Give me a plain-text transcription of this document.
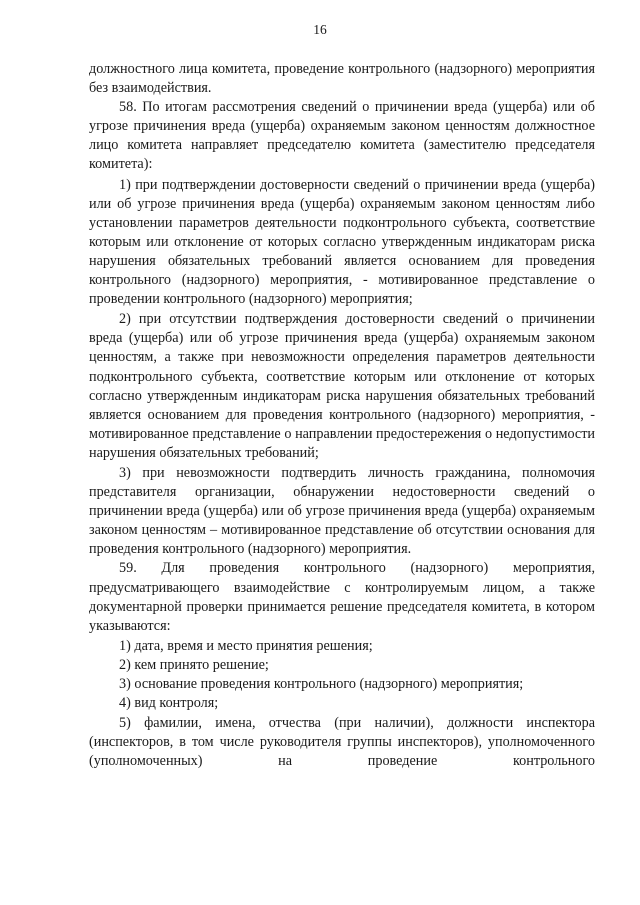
16

должностного лица комитета, проведение контрольного (надзорного) мероприятия без взаимодействия.

58. По итогам рассмотрения сведений о причинении вреда (ущерба) или об угрозе причинения вреда (ущерба) охраняемым законом ценностям должностное лицо комитета направляет председателю комитета (заместителю председателя комитета):

1) при подтверждении достоверности сведений о причинении вреда (ущерба) или об угрозе причинения вреда (ущерба) охраняемым законом ценностям либо установлении параметров деятельности подконтрольного субъекта, соответствие которым или отклонение от которых согласно утвержденным индикаторам риска нарушения обязательных требований является основанием для проведения контрольного (надзорного) мероприятия, - мотивированное представление о проведении контрольного (надзорного) мероприятия;

2) при отсутствии подтверждения достоверности сведений о причинении вреда (ущерба) или об угрозе причинения вреда (ущерба) охраняемым законом ценностям, а также при невозможности определения параметров деятельности подконтрольного субъекта, соответствие которым или отклонение от которых согласно утвержденным индикаторам риска нарушения обязательных требований является основанием для проведения контрольного (надзорного) мероприятия, - мотивированное представление о направлении предостережения о недопустимости нарушения обязательных требований;

3) при невозможности подтвердить личность гражданина, полномочия представителя организации, обнаружении недостоверности сведений о причинении вреда (ущерба) или об угрозе причинения вреда (ущерба) охраняемым законом ценностям – мотивированное представление об отсутствии основания для проведения контрольного (надзорного) мероприятия.

59. Для проведения контрольного (надзорного) мероприятия, предусматривающего взаимодействие с контролируемым лицом, а также документарной проверки принимается решение председателя комитета, в котором указываются:

1) дата, время и место принятия решения;

2) кем принято решение;

3) основание проведения контрольного (надзорного) мероприятия;

4) вид контроля;

5) фамилии, имена, отчества (при наличии), должности инспектора (инспекторов, в том числе руководителя группы инспекторов), уполномоченного (уполномоченных) на проведение контрольного
